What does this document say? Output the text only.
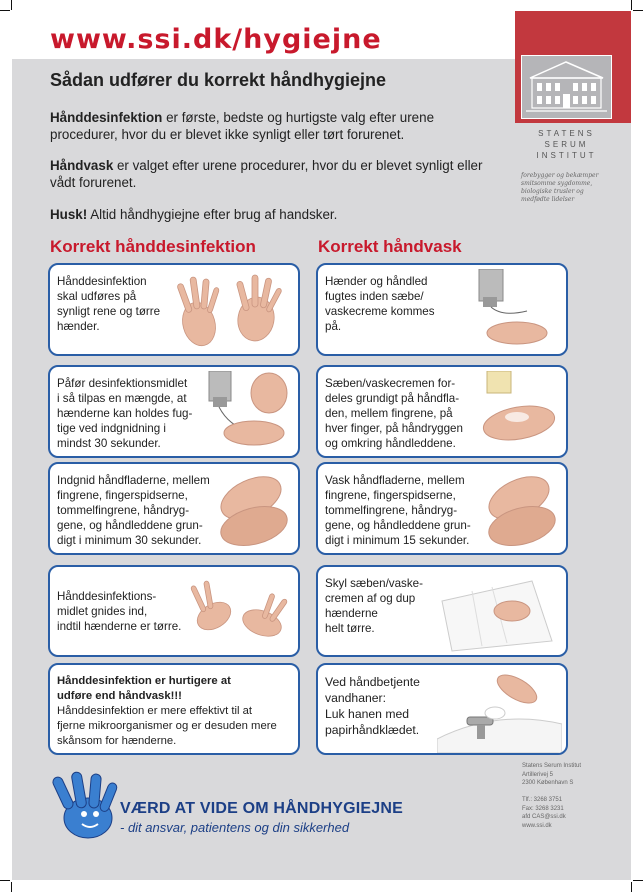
www.ssi.dk/hygiejne
STATENS
SERUM
INSTITUT
forebygger og bekæmper smitsomme sygdomme, biologiske trusler og medfødte lidelser
Sådan udfører du korrekt håndhygiejne
Hånddesinfektion er første, bedste og hurtigste valg efter urene procedurer, hvor du er blevet ikke synligt eller tørt forurenet.
Håndvask er valget efter urene procedurer, hvor du er blevet synligt eller vådt forurenet.
Husk! Altid håndhygiejne efter brug af handsker.
Korrekt hånddesinfektion	Korrekt håndvask
Hånddesinfektion
skal udføres på
synligt rene og tørre
hænder.
Påfør desinfektionsmidlet
i så tilpas en mængde, at
hænderne kan holdes fug-
tige ved indgnidning i
mindst 30 sekunder.
Indgnid håndfladerne, mellem
fingrene, fingerspidserne,
tommelfingrene, håndryg-
gene, og håndleddene grun-
digt i minimum 30 sekunder.
Hånddesinfektions-
midlet gnides ind,
indtil hænderne er tørre.
Hånddesinfektion er hurtigere at
udføre end håndvask!!!
Hånddesinfektion er mere effektivt til at
fjerne mikroorganismer og er desuden mere
skånsom for hænderne.
Hænder og håndled
fugtes inden sæbe/
vaskecreme kommes
på.
Sæben/vaskecremen for-
deles grundigt på håndfla-
den, mellem fingrene, på
hver finger, på håndryggen
og omkring håndleddene.
Vask håndfladerne, mellem
fingrene, fingerspidserne,
tommelfingrene, håndryg-
gene, og håndleddene grun-
digt i minimum 15 sekunder.
Skyl sæben/vaske-
cremen af og dup
hænderne
helt tørre.
Ved håndbetjente
vandhaner:
Luk hanen med
papirhåndklædet.
VÆRD AT VIDE OM HÅNDHYGIEJNE
- dit ansvar, patientens og din sikkerhed
Statens Serum Institut
Artillerivej 5
2300 København S

Tlf.: 3268 3751
Fax: 3268 3231
afd CAS@ssi.dk
www.ssi.dk
